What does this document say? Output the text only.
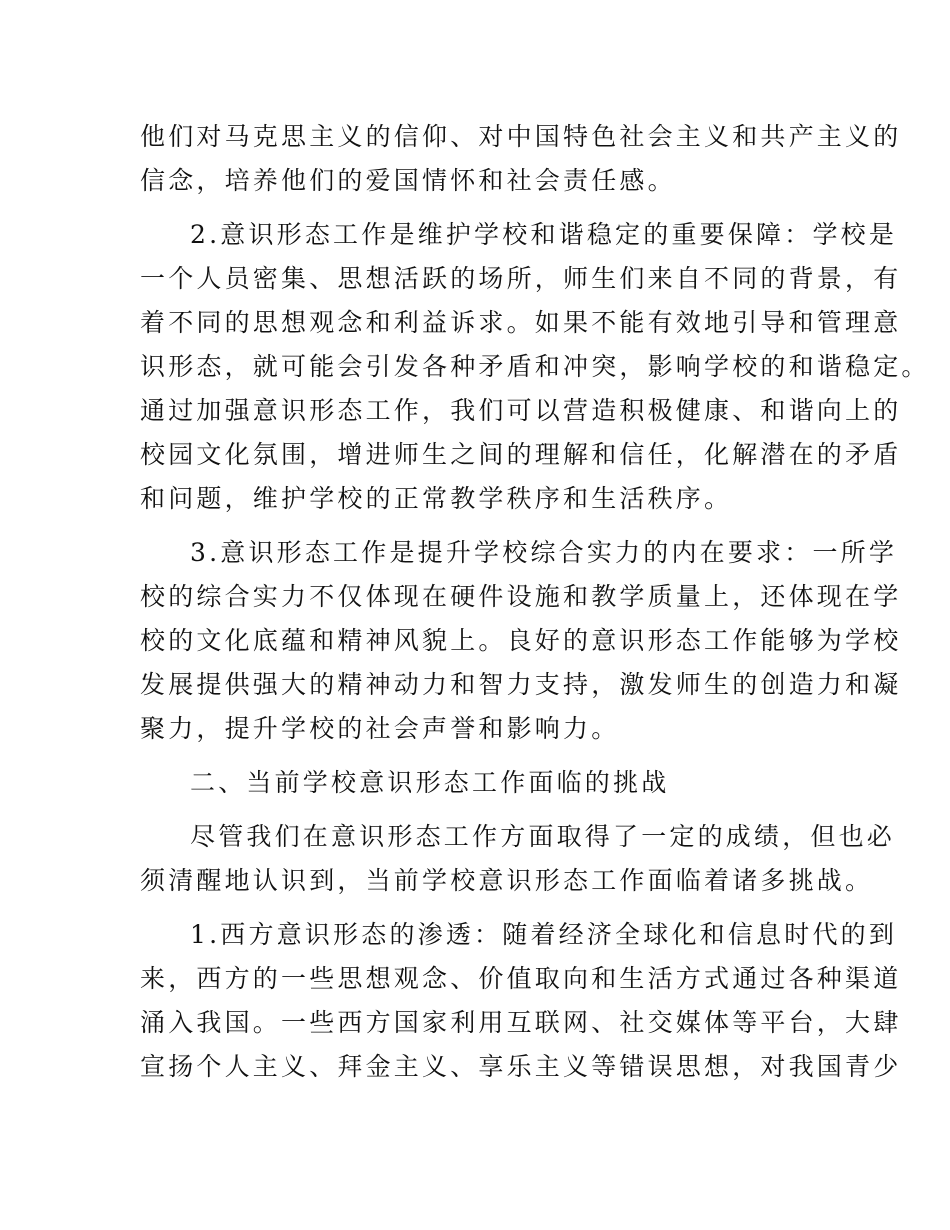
他们对马克思主义的信仰、对中国特色社会主义和共产主义的
信念，培养他们的爱国情怀和社会责任感。
2.意识形态工作是维护学校和谐稳定的重要保障：学校是
一个人员密集、思想活跃的场所，师生们来自不同的背景，有
着不同的思想观念和利益诉求。如果不能有效地引导和管理意
识形态，就可能会引发各种矛盾和冲突，影响学校的和谐稳定。
通过加强意识形态工作，我们可以营造积极健康、和谐向上的
校园文化氛围，增进师生之间的理解和信任，化解潜在的矛盾
和问题，维护学校的正常教学秩序和生活秩序。
3.意识形态工作是提升学校综合实力的内在要求：一所学
校的综合实力不仅体现在硬件设施和教学质量上，还体现在学
校的文化底蕴和精神风貌上。良好的意识形态工作能够为学校
发展提供强大的精神动力和智力支持，激发师生的创造力和凝
聚力，提升学校的社会声誉和影响力。
二、当前学校意识形态工作面临的挑战
尽管我们在意识形态工作方面取得了一定的成绩，但也必
须清醒地认识到，当前学校意识形态工作面临着诸多挑战。
1.西方意识形态的渗透：随着经济全球化和信息时代的到
来，西方的一些思想观念、价值取向和生活方式通过各种渠道
涌入我国。一些西方国家利用互联网、社交媒体等平台，大肆
宣扬个人主义、拜金主义、享乐主义等错误思想，对我国青少
